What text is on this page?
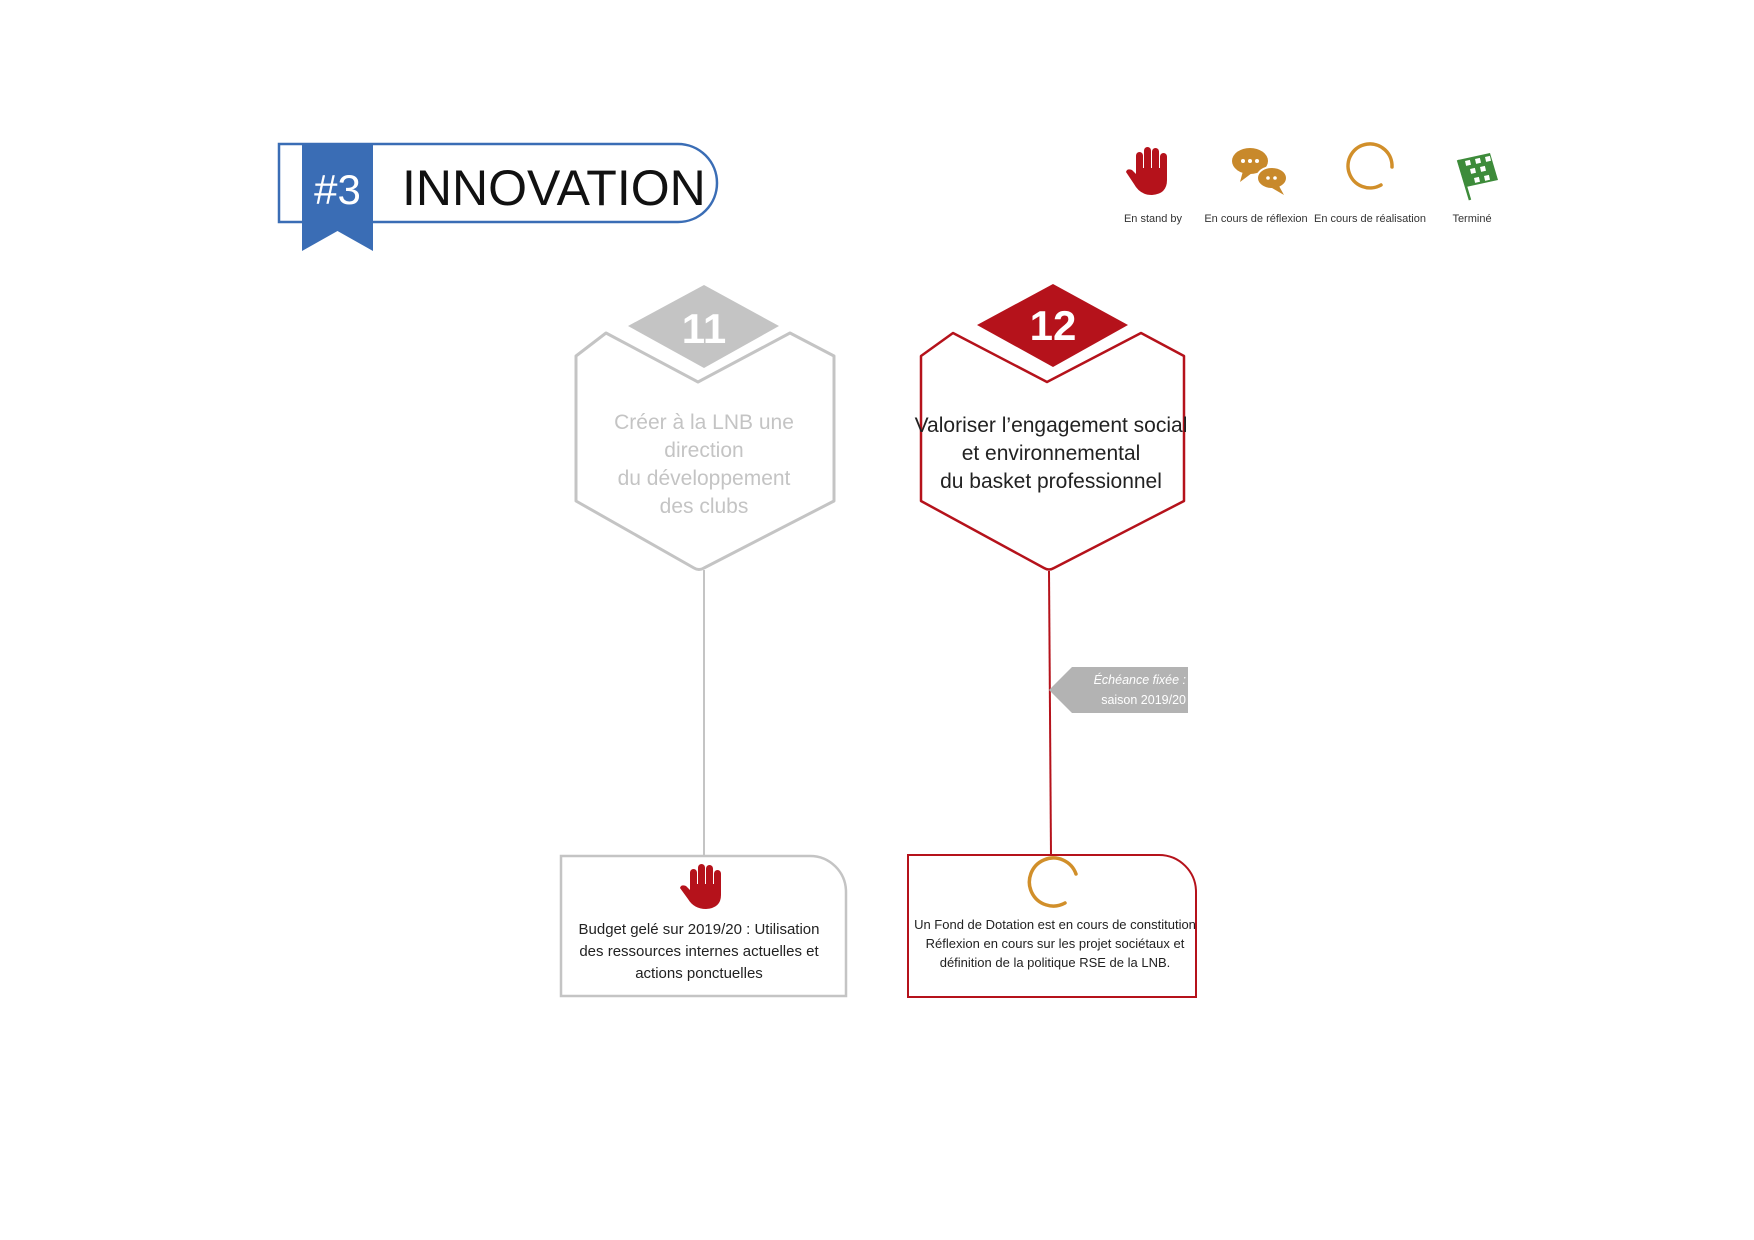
#3 INNOVATION
En stand by En cours de réflexion En cours de réalisation Terminé
11
Créer à la LNB une
direction
du développement
des clubs
Budget gelé sur 2019/20 : Utilisation
des ressources internes actuelles et
actions ponctuelles
12
Valoriser l’engagement social
et environnemental
du basket professionnel
Échéance fixée :
saison 2019/20
Un Fond de Dotation est en cours de constitution
Réflexion en cours sur les projet sociétaux et
définition de la politique RSE de la LNB.
